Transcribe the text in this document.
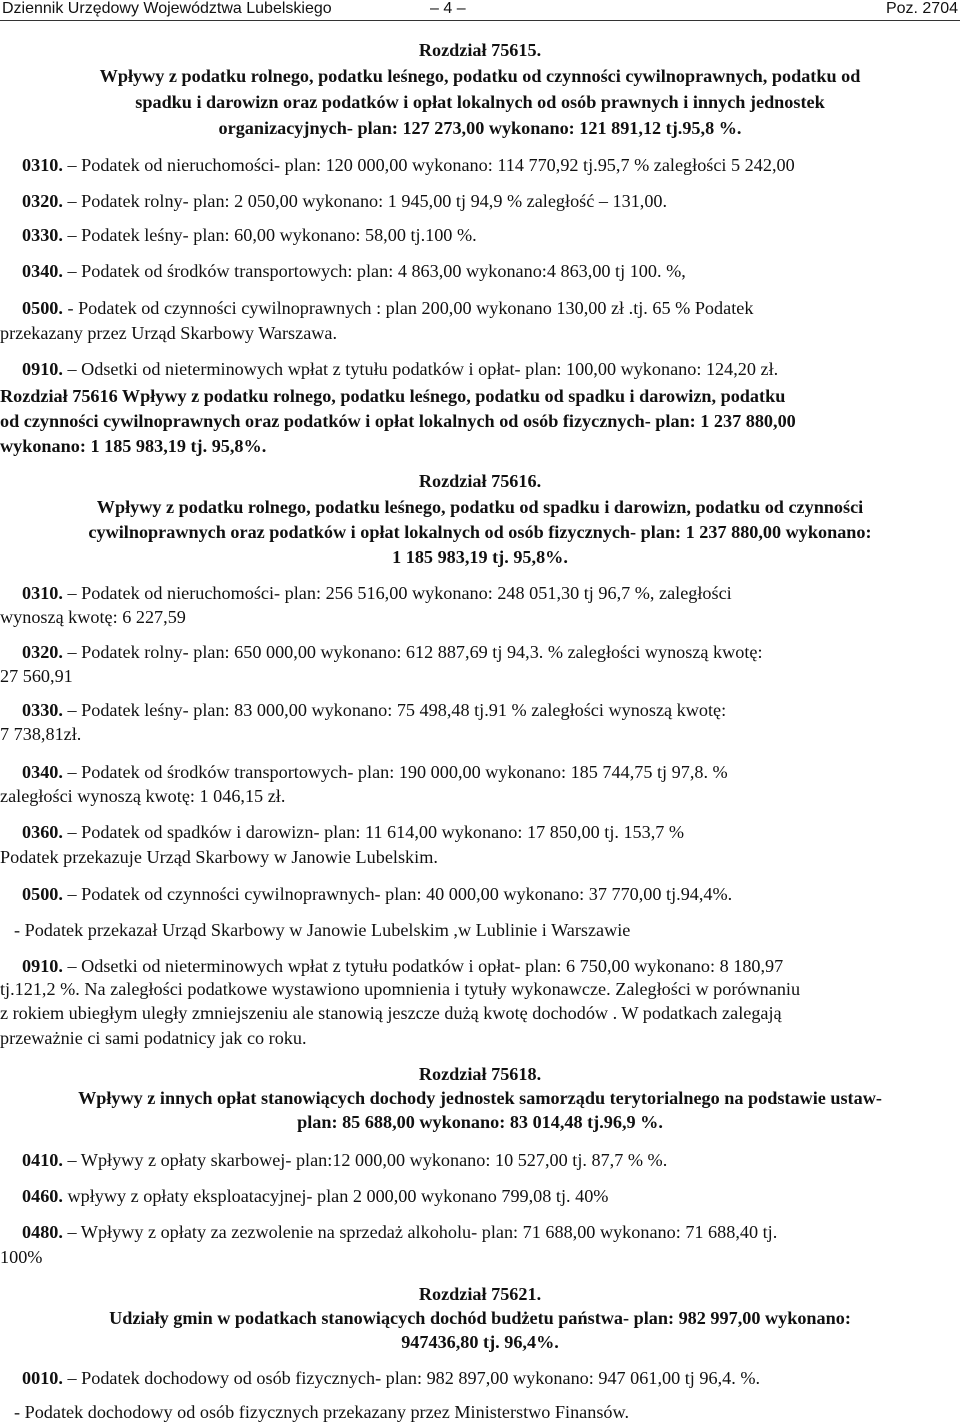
Dziennik Urzędowy Województwa Lubelskiego	– 4 –	Poz. 2704
Rozdział 75615.
Wpływy z podatku rolnego, podatku leśnego, podatku od czynności cywilnoprawnych, podatku od
spadku i darowizn oraz podatków i opłat lokalnych od osób prawnych i innych jednostek
organizacyjnych- plan: 127 273,00 wykonano: 121 891,12 tj.95,8 %.
0310. – Podatek od nieruchomości- plan: 120 000,00 wykonano: 114 770,92 tj.95,7 % zaległości 5 242,00
0320. – Podatek rolny- plan: 2 050,00 wykonano: 1 945,00 tj 94,9 % zaległość – 131,00.
0330. – Podatek leśny- plan: 60,00 wykonano: 58,00 tj.100 %.
0340. – Podatek od środków transportowych: plan: 4 863,00 wykonano:4 863,00 tj 100. %,
0500. - Podatek od czynności cywilnoprawnych : plan 200,00 wykonano 130,00 zł .tj. 65 % Podatek
przekazany przez Urząd Skarbowy Warszawa.
0910. – Odsetki od nieterminowych wpłat z tytułu podatków i opłat- plan: 100,00 wykonano: 124,20 zł.
Rozdział 75616 Wpływy z podatku rolnego, podatku leśnego, podatku od spadku i darowizn, podatku
od czynności cywilnoprawnych oraz podatków i opłat lokalnych od osób fizycznych- plan: 1 237 880,00
wykonano: 1 185 983,19 tj. 95,8%.
Rozdział 75616.
Wpływy z podatku rolnego, podatku leśnego, podatku od spadku i darowizn, podatku od czynności
cywilnoprawnych oraz podatków i opłat lokalnych od osób fizycznych- plan: 1 237 880,00 wykonano:
1 185 983,19 tj. 95,8%.
0310. – Podatek od nieruchomości- plan: 256 516,00 wykonano: 248 051,30 tj 96,7 %, zaległości
wynoszą kwotę: 6 227,59
0320. – Podatek rolny- plan: 650 000,00 wykonano: 612 887,69 tj 94,3. % zaległości wynoszą kwotę:
27 560,91
0330. – Podatek leśny- plan: 83 000,00 wykonano: 75 498,48 tj.91 % zaległości wynoszą kwotę:
7 738,81zł.
0340. – Podatek od środków transportowych- plan: 190 000,00 wykonano: 185 744,75 tj 97,8. %
zaległości wynoszą kwotę: 1 046,15 zł.
0360. – Podatek od spadków i darowizn- plan: 11 614,00 wykonano: 17 850,00 tj. 153,7 %
Podatek przekazuje Urząd Skarbowy w Janowie Lubelskim.
0500. – Podatek od czynności cywilnoprawnych- plan: 40 000,00 wykonano: 37 770,00 tj.94,4%.
- Podatek przekazał Urząd Skarbowy w Janowie Lubelskim ,w Lublinie i Warszawie
0910. – Odsetki od nieterminowych wpłat z tytułu podatków i opłat- plan: 6 750,00 wykonano: 8 180,97
tj.121,2 %. Na zaległości podatkowe wystawiono upomnienia i tytuły wykonawcze. Zaległości w porównaniu
z rokiem ubiegłym uległy zmniejszeniu ale stanowią jeszcze dużą kwotę dochodów . W podatkach zalegają
przeważnie ci sami podatnicy jak co roku.
Rozdział 75618.
Wpływy z innych opłat stanowiących dochody jednostek samorządu terytorialnego na podstawie ustaw-
plan: 85 688,00 wykonano: 83 014,48 tj.96,9 %.
0410. – Wpływy z opłaty skarbowej- plan:12 000,00 wykonano: 10 527,00 tj. 87,7 % %.
0460. wpływy z opłaty eksploatacyjnej- plan 2 000,00 wykonano 799,08 tj. 40%
0480. – Wpływy z opłaty za zezwolenie na sprzedaż alkoholu- plan: 71 688,00 wykonano: 71 688,40 tj.
100%
Rozdział 75621.
Udziały gmin w podatkach stanowiących dochód budżetu państwa- plan: 982 997,00 wykonano:
947436,80 tj. 96,4%.
0010. – Podatek dochodowy od osób fizycznych- plan: 982 897,00 wykonano: 947 061,00 tj 96,4. %.
- Podatek dochodowy od osób fizycznych przekazany przez Ministerstwo Finansów.
